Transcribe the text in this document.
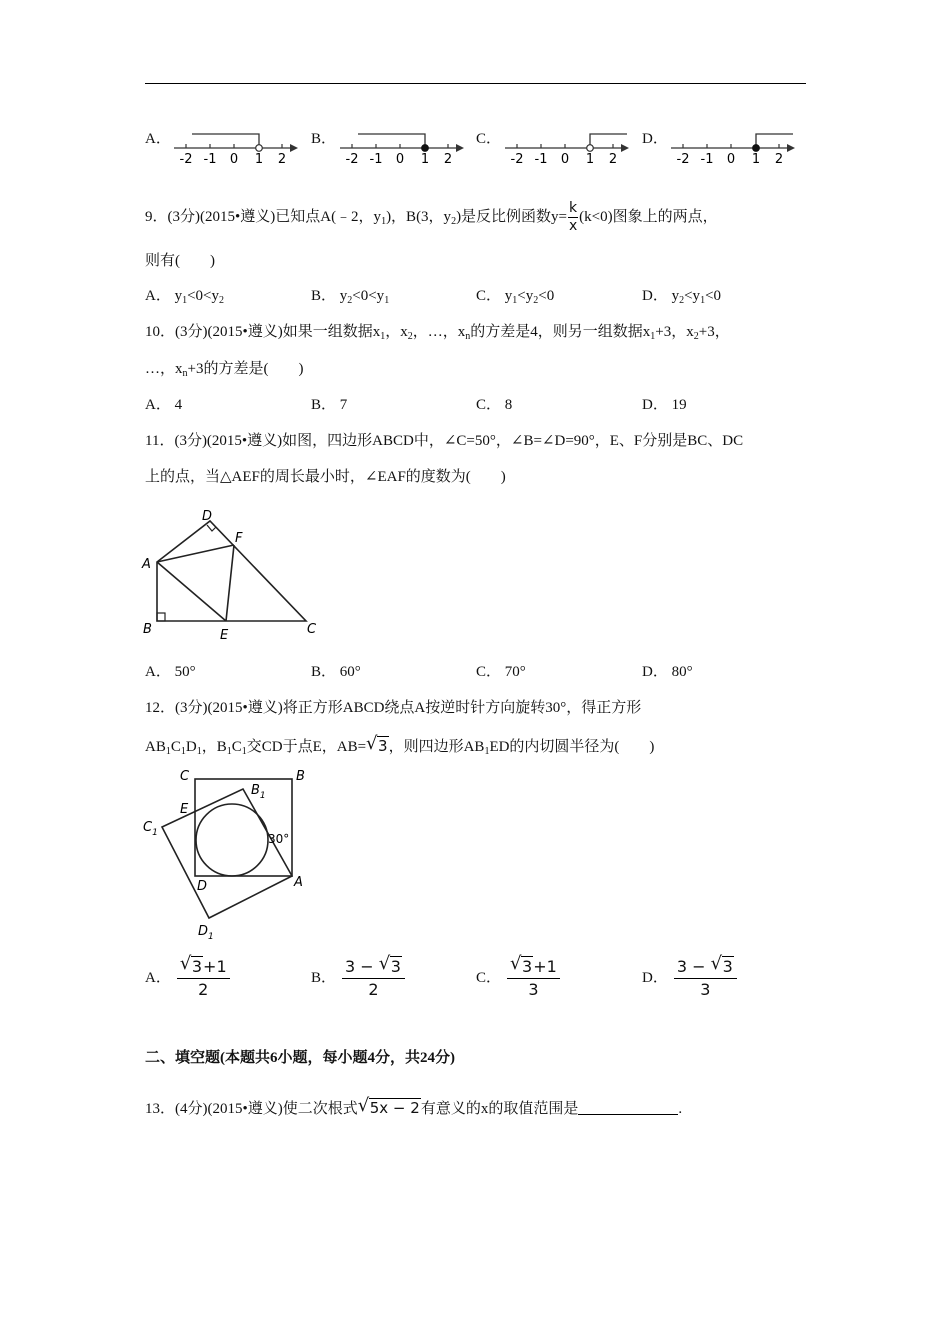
A．
-2 -1 0 1 2
B．
-2 -1 0 1 2
C．
-2 -1 0 1 2
D．
-2 -1 0 1 2
9．(3分)(2015•遵义)已知点A(﹣2，$y_1$)，B(3，$y_2$)是反比例函数$y= \frac{k}{x} (k<0)$图象上的两点，
则有(　　)
A． $y_1<0<y_2$	B． $y_2<0<y_1$	C． $y_1<y_2<0$	D． $y_2<y_1<0$
10．(3分)(2015•遵义)如果一组数据$x_1$，$x_2$，…，$x_n$的方差是4，则另一组数据$x_1+3$，$x_2+3$，
…，$x_n+3$的方差是(　　)
A． 4	B． 7	C． 8	D． 19
11．(3分)(2015•遵义)如图，四边形ABCD中，∠C=50°，∠B=∠D=90°，E、F分别是BC、DC
上的点，当△AEF的周长最小时，∠EAF的度数为(　　)
A
B	C
D
E
F
A． 50°	B． 60°	C． 70°	D． 80°
12．(3分)(2015•遵义)将正方形ABCD绕点A按逆时针方向旋转30°，得正方形
$AB_1C_1D_1$，$B_1C_1$交CD于点E，AB= √ 3，则四边形$AB_1ED$的内切圆半径为(　　)
C	B
E
D	A
$B_1$
$C_1$
$D_1$
30°
A． $\frac{√ 3+1}{2}$	B． $\frac{3 - √ 3}{2}$	C． $\frac{√ 3+1}{3}$	D． $\frac{3 - √ 3}{3}$
二、填空题(本题共6小题，每小题4分，共24分)
13．(4分)(2015•遵义)使二次根式 √ 5x − 2有意义的x的取值范围是	.
